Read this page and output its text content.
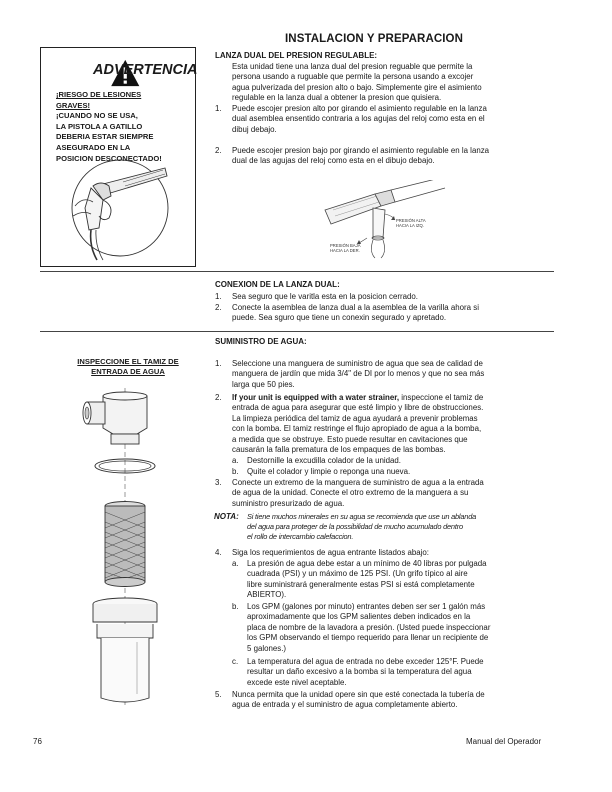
INSTALACION Y PREPARACION
ADVERTENCIA
¡RIESGO DE LESIONES
GRAVES!
¡CUANDO NO SE USA,
LA PISTOLA A GATILLO
DEBERIA ESTAR SIEMPRE
ASEGURADO EN LA
POSICION DESCONECTADO!
LANZA DUAL DEL PRESION REGULABLE:
Esta unidad tiene una lanza dual del presion reguable que permite la
persona usando a ruguable que permite la persona usando a excojer
agua pulverizada del presion alto o bajo. Simplemente gire el asimiento
regulable en la lanza dual a obtener la presion que quisiera.
1. Puede escojer presion alto por girando el asimiento regulable en la lanza
dual asemblea ensentido contraria a los agujas del reloj como esta en el
dibuj debajo.
2. Puede escojer presion bajo por girando el asimiento regulable en la lanza
dual de las agujas del reloj como esta en el dibujo debajo.
PRESIÓN ALTA
HACIA LA IZQ.
PRESIÓN BAJA
HACIA LA DER.
CONEXION DE LA LANZA DUAL:
1. Sea seguro que le varitla esta en la posicion cerrado.
2. Conecte la asemblea de lanza dual a la asemblea de la varilla ahora si
puede. Sea sguro que tiene un conexin segurado y apretado.
SUMINISTRO DE AGUA:
INSPECCIONE EL TAMIZ DE
ENTRADA DE AGUA
1. Seleccione una manguera de suministro de agua que sea de calidad de
manguera de jardín que mida 3/4" de DI por lo menos y que no sea más
larga que 50 pies.
2. If your unit is equipped with a water strainer, inspeccione el tamiz de
entrada de agua para asegurar que esté limpio y libre de obstrucciones.
La limpieza periódica del tamiz de agua ayudará a prevenir problemas
con la bomba. El tamiz restringe el flujo apropiado de agua a la bomba,
a medida que se obstruye. Esto puede resultar en cavitaciones que
causarán la falla prematura de los empaques de las bombas.
a. Destornille la excudilla colador de la unidad.
b. Quite el colador y limpie o reponga una nueva.
3. Conecte un extremo de la manguera de suministro de agua a la entrada
de agua de la unidad. Conecte el otro extremo de la manguera a su
suministro presurizado de agua.
NOTA: Si tiene muchos minerales en su agua se recomienda que use un ablanda
del agua para proteger de la possibilidad de mucho acumulado dentro
el rollo de intercambio calefaccion.
4. Siga los requerimientos de agua entrante listados abajo:
a. La presión de agua debe estar a un mínimo de 40 libras por pulgada
cuadrada (PSI) y un máximo de 125 PSI. (Un grifo típico al aire
libre suministrará generalmente estas PSI si está completamente
ABIERTO).
b. Los GPM (galones por minuto) entrantes deben ser ser 1 galón más
aproximadamente que los GPM salientes deben indicados en la
placa de nombre de la lavadora a presión. (Usted puede inspeccionar
los GPM observando el tiempo requerido para llenar un recipiente de
5 galones.)
c. La temperatura del agua de entrada no debe exceder 125°F. Puede
resultar un daño excesivo a la bomba si la temperatura del agua
excede este nivel aceptable.
5. Nunca permita que la unidad opere sin que esté conectada la tubería de
agua de entrada y el suministro de agua completamente abierto.
76	Manual del Operador
